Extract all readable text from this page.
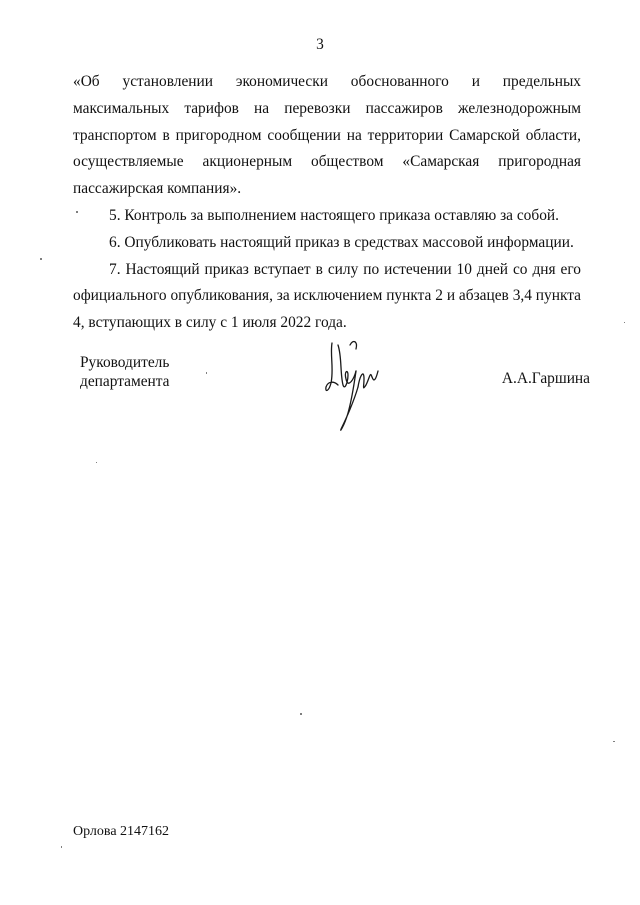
3

«Об установлении экономически обоснованного и предельных максимальных тарифов на перевозки пассажиров железнодорожным транспортом в пригородном сообщении на территории Самарской области, осуществляемые акционерным обществом «Самарская пригородная пассажирская компания».

5. Контроль за выполнением настоящего приказа оставляю за собой.

6. Опубликовать настоящий приказ в средствах массовой информации.

7. Настоящий приказ вступает в силу по истечении 10 дней со дня его официального опубликования, за исключением пункта 2 и абзацев 3,4 пункта 4, вступающих в силу с 1 июля 2022 года.

Руководитель
департамента	А.А.Гаршина
Орлова 2147162
